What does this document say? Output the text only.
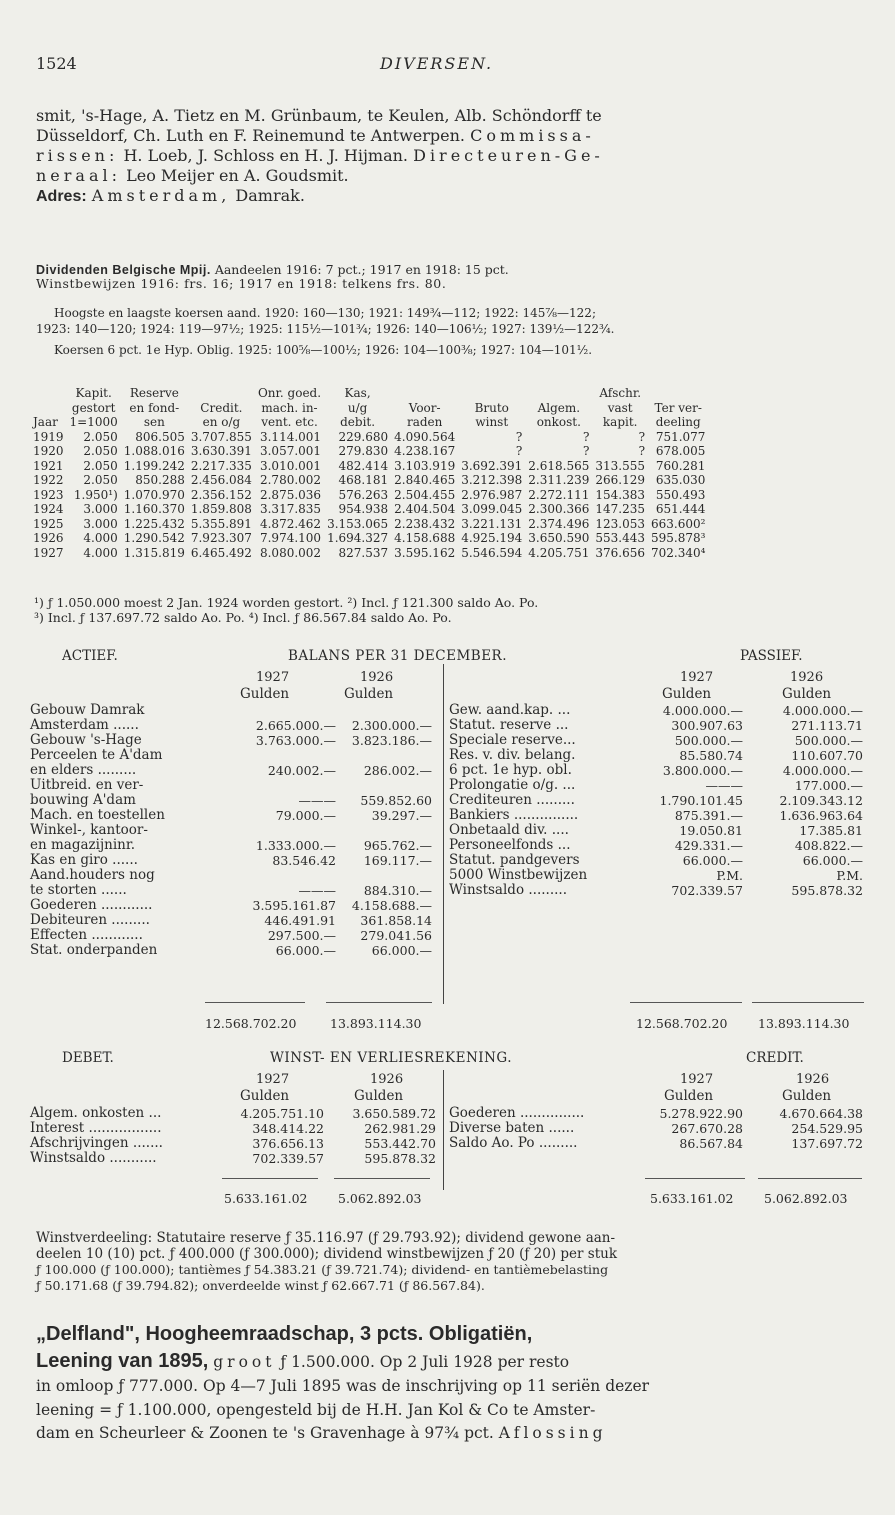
1524	DIVERSEN.
smit, 's-Hage, A. Tietz en M. Grünbaum, te Keulen, Alb. Schöndorff te
Düsseldorf, Ch. Luth en F. Reinemund te Antwerpen. Commissa-
rissen: H. Loeb, J. Schloss en H. J. Hijman. Directeuren-Ge-
neraal: Leo Meijer en A. Goudsmit.
Adres: Amsterdam, Damrak.
Dividenden Belgische Mpij. Aandeelen 1916: 7 pct.; 1917 en 1918: 15 pct.
Winstbewijzen 1916: frs. 16; 1917 en 1918: telkens frs. 80.
Hoogste en laagste koersen aand. 1920: 160—130; 1921: 149¾—112; 1922: 145⅞—122;
1923: 140—120; 1924: 119—97½; 1925: 115½—101¾; 1926: 140—106½; 1927: 139½—122¾.
Koersen 6 pct. 1e Hyp. Oblig. 1925: 100⅝—100½; 1926: 104—100⅜; 1927: 104—101½.
	Kapit.	Reserve		Onr. goed.	Kas,				Afschr.	
	gestort	en fond-	Credit.	mach. in-	u/g	Voor-	Bruto	Algem.	vast	Ter ver-
Jaar	1=1000	sen	en o/g	vent. etc.	debit.	raden	winst	onkost.	kapit.	deeling
1919	2.050	806.505	3.707.855	3.114.001	229.680	4.090.564	?	?	?	751.077
1920	2.050	1.088.016	3.630.391	3.057.001	279.830	4.238.167	?	?	?	678.005
1921	2.050	1.199.242	2.217.335	3.010.001	482.414	3.103.919	3.692.391	2.618.565	313.555	760.281
1922	2.050	850.288	2.456.084	2.780.002	468.181	2.840.465	3.212.398	2.311.239	266.129	635.030
1923	1.950¹)	1.070.970	2.356.152	2.875.036	576.263	2.504.455	2.976.987	2.272.111	154.383	550.493
1924	3.000	1.160.370	1.859.808	3.317.835	954.938	2.404.504	3.099.045	2.300.366	147.235	651.444
1925	3.000	1.225.432	5.355.891	4.872.462	3.153.065	2.238.432	3.221.131	2.374.496	123.053	663.600²
1926	4.000	1.290.542	7.923.307	7.974.100	1.694.327	4.158.688	4.925.194	3.650.590	553.443	595.878³
1927	4.000	1.315.819	6.465.492	8.080.002	827.537	3.595.162	5.546.594	4.205.751	376.656	702.340⁴
¹) ƒ 1.050.000 moest 2 Jan. 1924 worden gestort. ²) Incl. ƒ 121.300 saldo Ao. Po.
³) Incl. ƒ 137.697.72 saldo Ao. Po. ⁴) Incl. ƒ 86.567.84 saldo Ao. Po.
ACTIEF.	BALANS PER 31 DECEMBER.	PASSIEF.
1927	1926
Gulden	Gulden
1927	1926
Gulden	Gulden
Gebouw Damrak
Amsterdam ......	2.665.000.— 2.300.000.—
Gebouw 's-Hage	3.763.000.— 3.823.186.—
Perceelen te A'dam
en elders .........	240.002.— 286.002.—
Uitbreid. en ver-
bouwing A'dam	——— 559.852.60
Mach. en toestellen	79.000.—	39.297.—
Winkel-, kantoor-
en magazijninr.	1.333.000.— 965.762.—
Kas en giro ......	83.546.42 169.117.—
Aand.houders nog
te storten ......	——— 884.310.—
Goederen ............	3.595.161.87 4.158.688.—
Debiteuren .........	446.491.91 361.858.14
Effecten ............	297.500.— 279.041.56
Stat. onderpanden	66.000.—	66.000.—
Gew. aand.kap. ...	4.000.000.—	4.000.000.—
Statut. reserve ...	300.907.63	271.113.71
Speciale reserve...	500.000.—	500.000.—
Res. v. div. belang.	85.580.74	110.607.70
6 pct. 1e hyp. obl.	3.800.000.—	4.000.000.—
Prolongatie o/g. ...	———	177.000.—
Crediteuren .........	1.790.101.45	2.109.343.12
Bankiers ...............	875.391.—	1.636.963.64
Onbetaald div. ....	19.050.81	17.385.81
Personeelfonds ...	429.331.—	408.822.—
Statut. pandgevers	66.000.—	66.000.—
5000 Winstbewijzen	P.M.	P.M.
Winstsaldo .........	702.339.57	595.878.32
12.568.702.20	13.893.114.30	12.568.702.20 13.893.114.30
DEBET.	WINST- EN VERLIESREKENING.	CREDIT.
1927	1926
Gulden	Gulden
1927	1926
Gulden	Gulden
Algem. onkosten ...	4.205.751.10 3.650.589.72
Interest .................	348.414.22	262.981.29
Afschrijvingen .......	376.656.13	553.442.70
Winstsaldo ...........	702.339.57	595.878.32
Goederen ...............	5.278.922.90	4.670.664.38
Diverse baten ......	267.670.28	254.529.95
Saldo Ao. Po .........	86.567.84	137.697.72
5.633.161.02 5.062.892.03	5.633.161.02 5.062.892.03
Winstverdeeling: Statutaire reserve ƒ 35.116.97 (ƒ 29.793.92); dividend gewone aan-
deelen 10 (10) pct. ƒ 400.000 (ƒ 300.000); dividend winstbewijzen ƒ 20 (ƒ 20) per stuk
ƒ 100.000 (ƒ 100.000); tantièmes ƒ 54.383.21 (ƒ 39.721.74); dividend- en tantièmebelasting
ƒ 50.171.68 (ƒ 39.794.82); onverdeelde winst ƒ 62.667.71 (ƒ 86.567.84).
„Delfland", Hoogheemraadschap, 3 pcts. Obligatiën,
Leening van 1895, groot ƒ 1.500.000. Op 2 Juli 1928 per resto
in omloop ƒ 777.000. Op 4—7 Juli 1895 was de inschrijving op 11 seriën dezer
leening = ƒ 1.100.000, opengesteld bij de H.H. Jan Kol & Co te Amster-
dam en Scheurleer & Zoonen te 's Gravenhage à 97¾ pct. Aflossing
